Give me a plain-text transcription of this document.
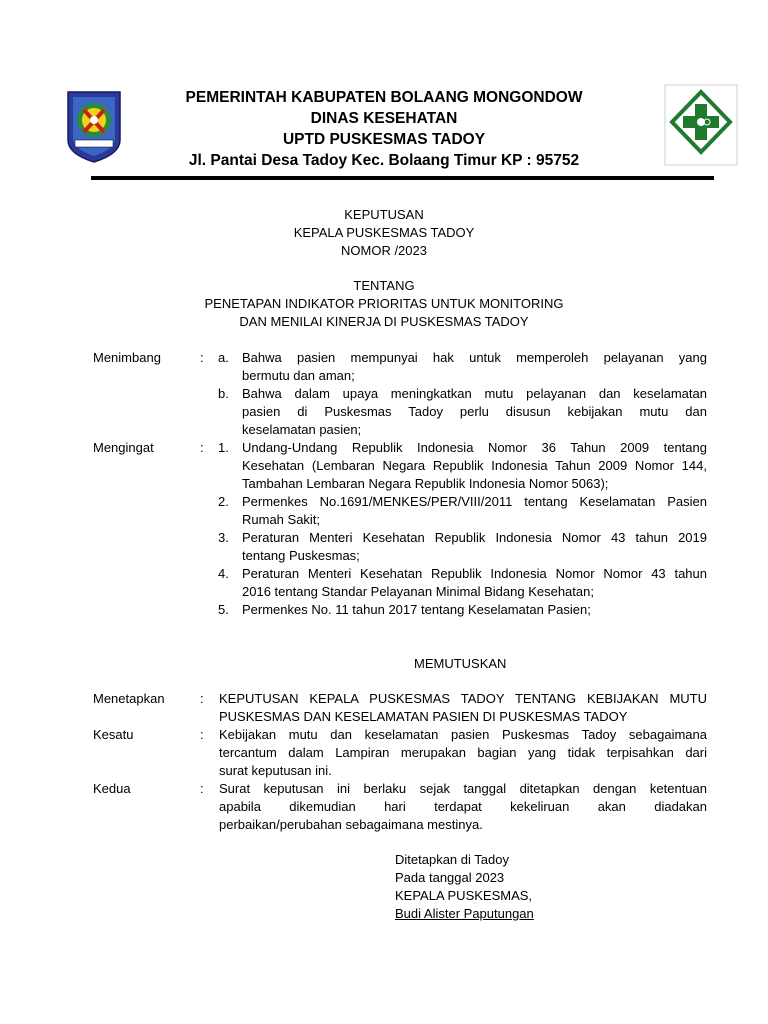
PEMERINTAH KABUPATEN BOLAANG MONGONDOW
DINAS KESEHATAN
UPTD PUSKESMAS TADOY
Jl. Pantai Desa Tadoy Kec. Bolaang Timur KP : 95752
KEPUTUSAN
KEPALA PUSKESMAS TADOY
NOMOR /2023
TENTANG
PENETAPAN INDIKATOR PRIORITAS UNTUK MONITORING
DAN MENILAI KINERJA DI PUSKESMAS TADOY
Menimbang	: a. Bahwa pasien mempunyai hak untuk memperoleh pelayanan yang
bermutu dan aman;
b. Bahwa dalam upaya meningkatkan mutu pelayanan dan keselamatan
pasien di Puskesmas Tadoy perlu disusun kebijakan mutu dan
keselamatan pasien;
Mengingat	: 1. Undang-Undang Republik Indonesia Nomor 36 Tahun 2009 tentang
Kesehatan (Lembaran Negara Republik Indonesia Tahun 2009 Nomor 144,
Tambahan Lembaran Negara Republik Indonesia Nomor 5063);
2. Permenkes No.1691/MENKES/PER/VIII/2011 tentang Keselamatan Pasien
Rumah Sakit;
3. Peraturan Menteri Kesehatan Republik Indonesia Nomor 43 tahun 2019
tentang Puskesmas;
4. Peraturan Menteri Kesehatan Republik Indonesia Nomor Nomor 43 tahun
2016 tentang Standar Pelayanan Minimal Bidang Kesehatan;
5. Permenkes No. 11 tahun 2017 tentang Keselamatan Pasien;
MEMUTUSKAN
Menetapkan	: KEPUTUSAN KEPALA PUSKESMAS TADOY TENTANG KEBIJAKAN MUTU
PUSKESMAS DAN KESELAMATAN PASIEN DI PUSKESMAS TADOY
Kesatu	: Kebijakan mutu dan keselamatan pasien Puskesmas Tadoy sebagaimana
tercantum dalam Lampiran merupakan bagian yang tidak terpisahkan dari
surat keputusan ini.
Kedua	: Surat keputusan ini berlaku sejak tanggal ditetapkan dengan ketentuan
apabila dikemudian hari terdapat kekeliruan akan diadakan
perbaikan/perubahan sebagaimana mestinya.
Ditetapkan di Tadoy
Pada tanggal 2023
KEPALA PUSKESMAS,
Budi Alister Paputungan
